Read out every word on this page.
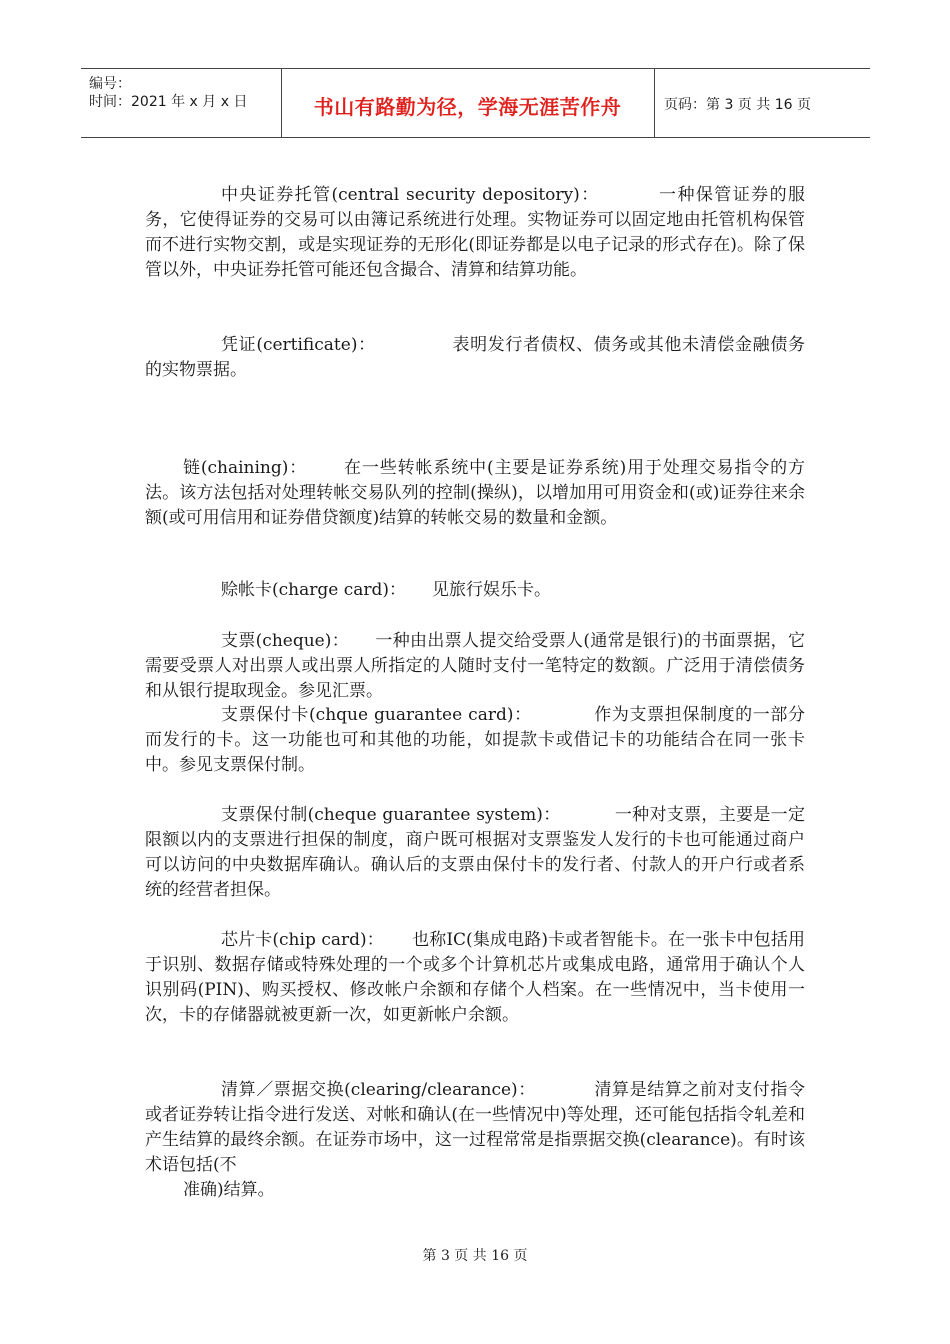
编号：
时间：2021 年 x 月 x 日	书山有路勤为径，学海无涯苦作舟	页码：第 3 页 共 16 页

中央证券托管(central security depository)：	一种保管证券的服务，它使得证券的交易可以由簿记系统进行处理。实物证券可以固定地由托管机构保管而不进行实物交割，或是实现证券的无形化(即证券都是以电子记录的形式存在)。除了保管以外，中央证券托管可能还包含撮合、清算和结算功能。

凭证(certificate)：	表明发行者债权、债务或其他未清偿金融债务的实物票据。

链(chaining)： 在一些转帐系统中(主要是证券系统)用于处理交易指令的方法。该方法包括对处理转帐交易队列的控制(操纵)，以增加用可用资金和(或)证券往来余额(或可用信用和证券借贷额度)结算的转帐交易的数量和金额。

赊帐卡(charge card)： 见旅行娱乐卡。

支票(cheque)： 一种由出票人提交给受票人(通常是银行)的书面票据，它需要受票人对出票人或出票人所指定的人随时支付一笔特定的数额。广泛用于清偿债务和从银行提取现金。参见汇票。

支票保付卡(chque guarantee card)：	作为支票担保制度的一部分而发行的卡。这一功能也可和其他的功能，如提款卡或借记卡的功能结合在同一张卡中。参见支票保付制。

支票保付制(cheque guarantee system)：	一种对支票，主要是一定限额以内的支票进行担保的制度，商户既可根据对支票鉴发人发行的卡也可能通过商户可以访问的中央数据库确认。确认后的支票由保付卡的发行者、付款人的开户行或者系统的经营者担保。

芯片卡(chip card)： 也称IC(集成电路)卡或者智能卡。在一张卡中包括用于识别、数据存储或特殊处理的一个或多个计算机芯片或集成电路，通常用于确认个人识别码(PIN)、购买授权、修改帐户余额和存储个人档案。在一些情况中，当卡使用一次，卡的存储器就被更新一次，如更新帐户余额。

清算／票据交换(clearing/clearance)：	清算是结算之前对支付指令或者证券转让指令进行发送、对帐和确认(在一些情况中)等处理，还可能包括指令轧差和产生结算的最终余额。在证券市场中，这一过程常常是指票据交换(clearance)。有时该术语包括(不

准确)结算。

第 3 页 共 16 页
